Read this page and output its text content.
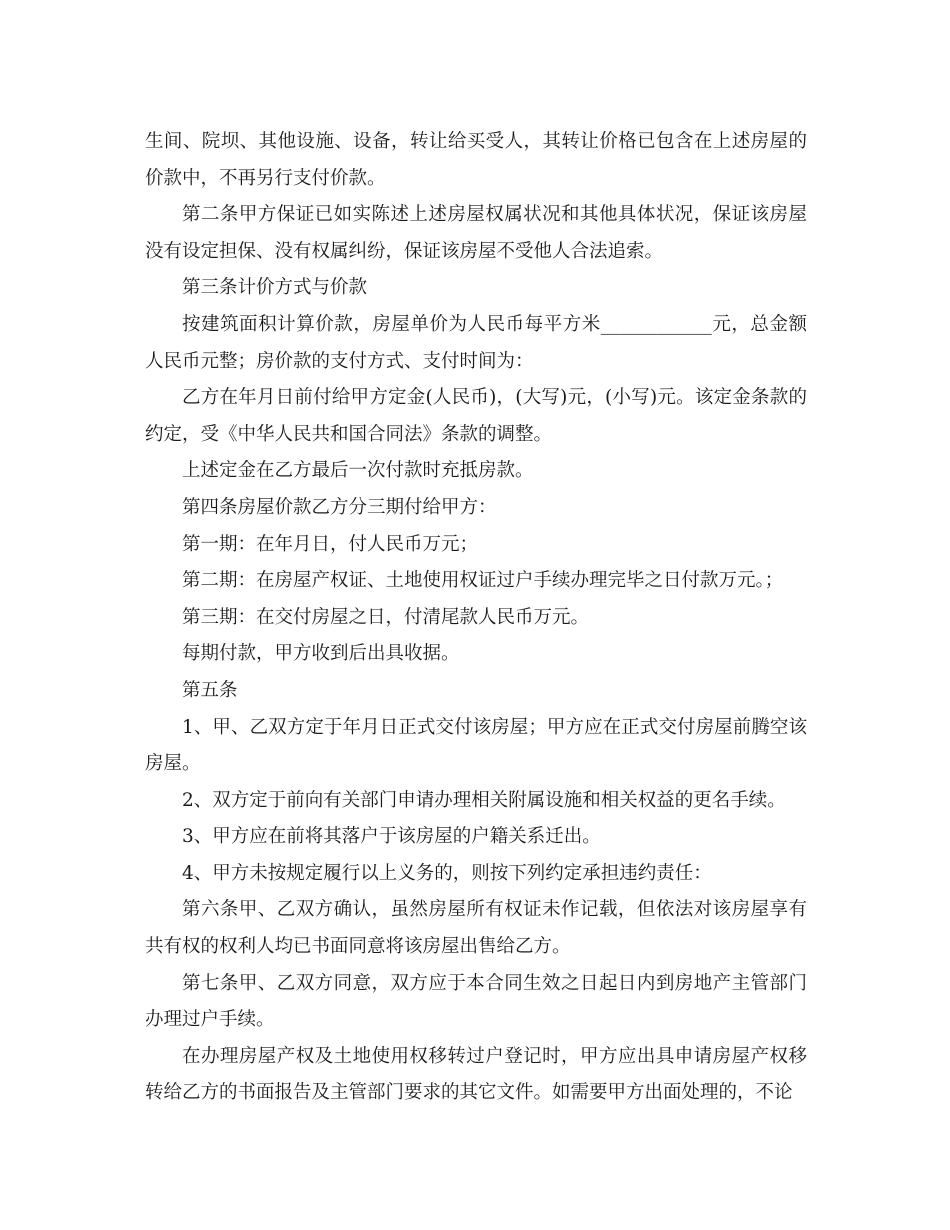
生间、院坝、其他设施、设备，转让给买受人，其转让价格已包含在上述房屋的价款中，不再另行支付价款。

第二条甲方保证已如实陈述上述房屋权属状况和其他具体状况，保证该房屋没有设定担保、没有权属纠纷，保证该房屋不受他人合法追索。

第三条计价方式与价款

按建筑面积计算价款，房屋单价为人民币每平方米____________元，总金额人民币元整；房价款的支付方式、支付时间为：

乙方在年月日前付给甲方定金(人民币)，(大写)元，(小写)元。该定金条款的约定，受《中华人民共和国合同法》条款的调整。

上述定金在乙方最后一次付款时充抵房款。

第四条房屋价款乙方分三期付给甲方：

第一期：在年月日，付人民币万元；

第二期：在房屋产权证、土地使用权证过户手续办理完毕之日付款万元。；

第三期：在交付房屋之日，付清尾款人民币万元。

每期付款，甲方收到后出具收据。

第五条

1、甲、乙双方定于年月日正式交付该房屋；甲方应在正式交付房屋前腾空该房屋。

2、双方定于前向有关部门申请办理相关附属设施和相关权益的更名手续。

3、甲方应在前将其落户于该房屋的户籍关系迁出。

4、甲方未按规定履行以上义务的，则按下列约定承担违约责任：

第六条甲、乙双方确认，虽然房屋所有权证未作记载，但依法对该房屋享有共有权的权利人均已书面同意将该房屋出售给乙方。

第七条甲、乙双方同意，双方应于本合同生效之日起日内到房地产主管部门办理过户手续。

在办理房屋产权及土地使用权移转过户登记时，甲方应出具申请房屋产权移转给乙方的书面报告及主管部门要求的其它文件。如需要甲方出面处理的，不论
